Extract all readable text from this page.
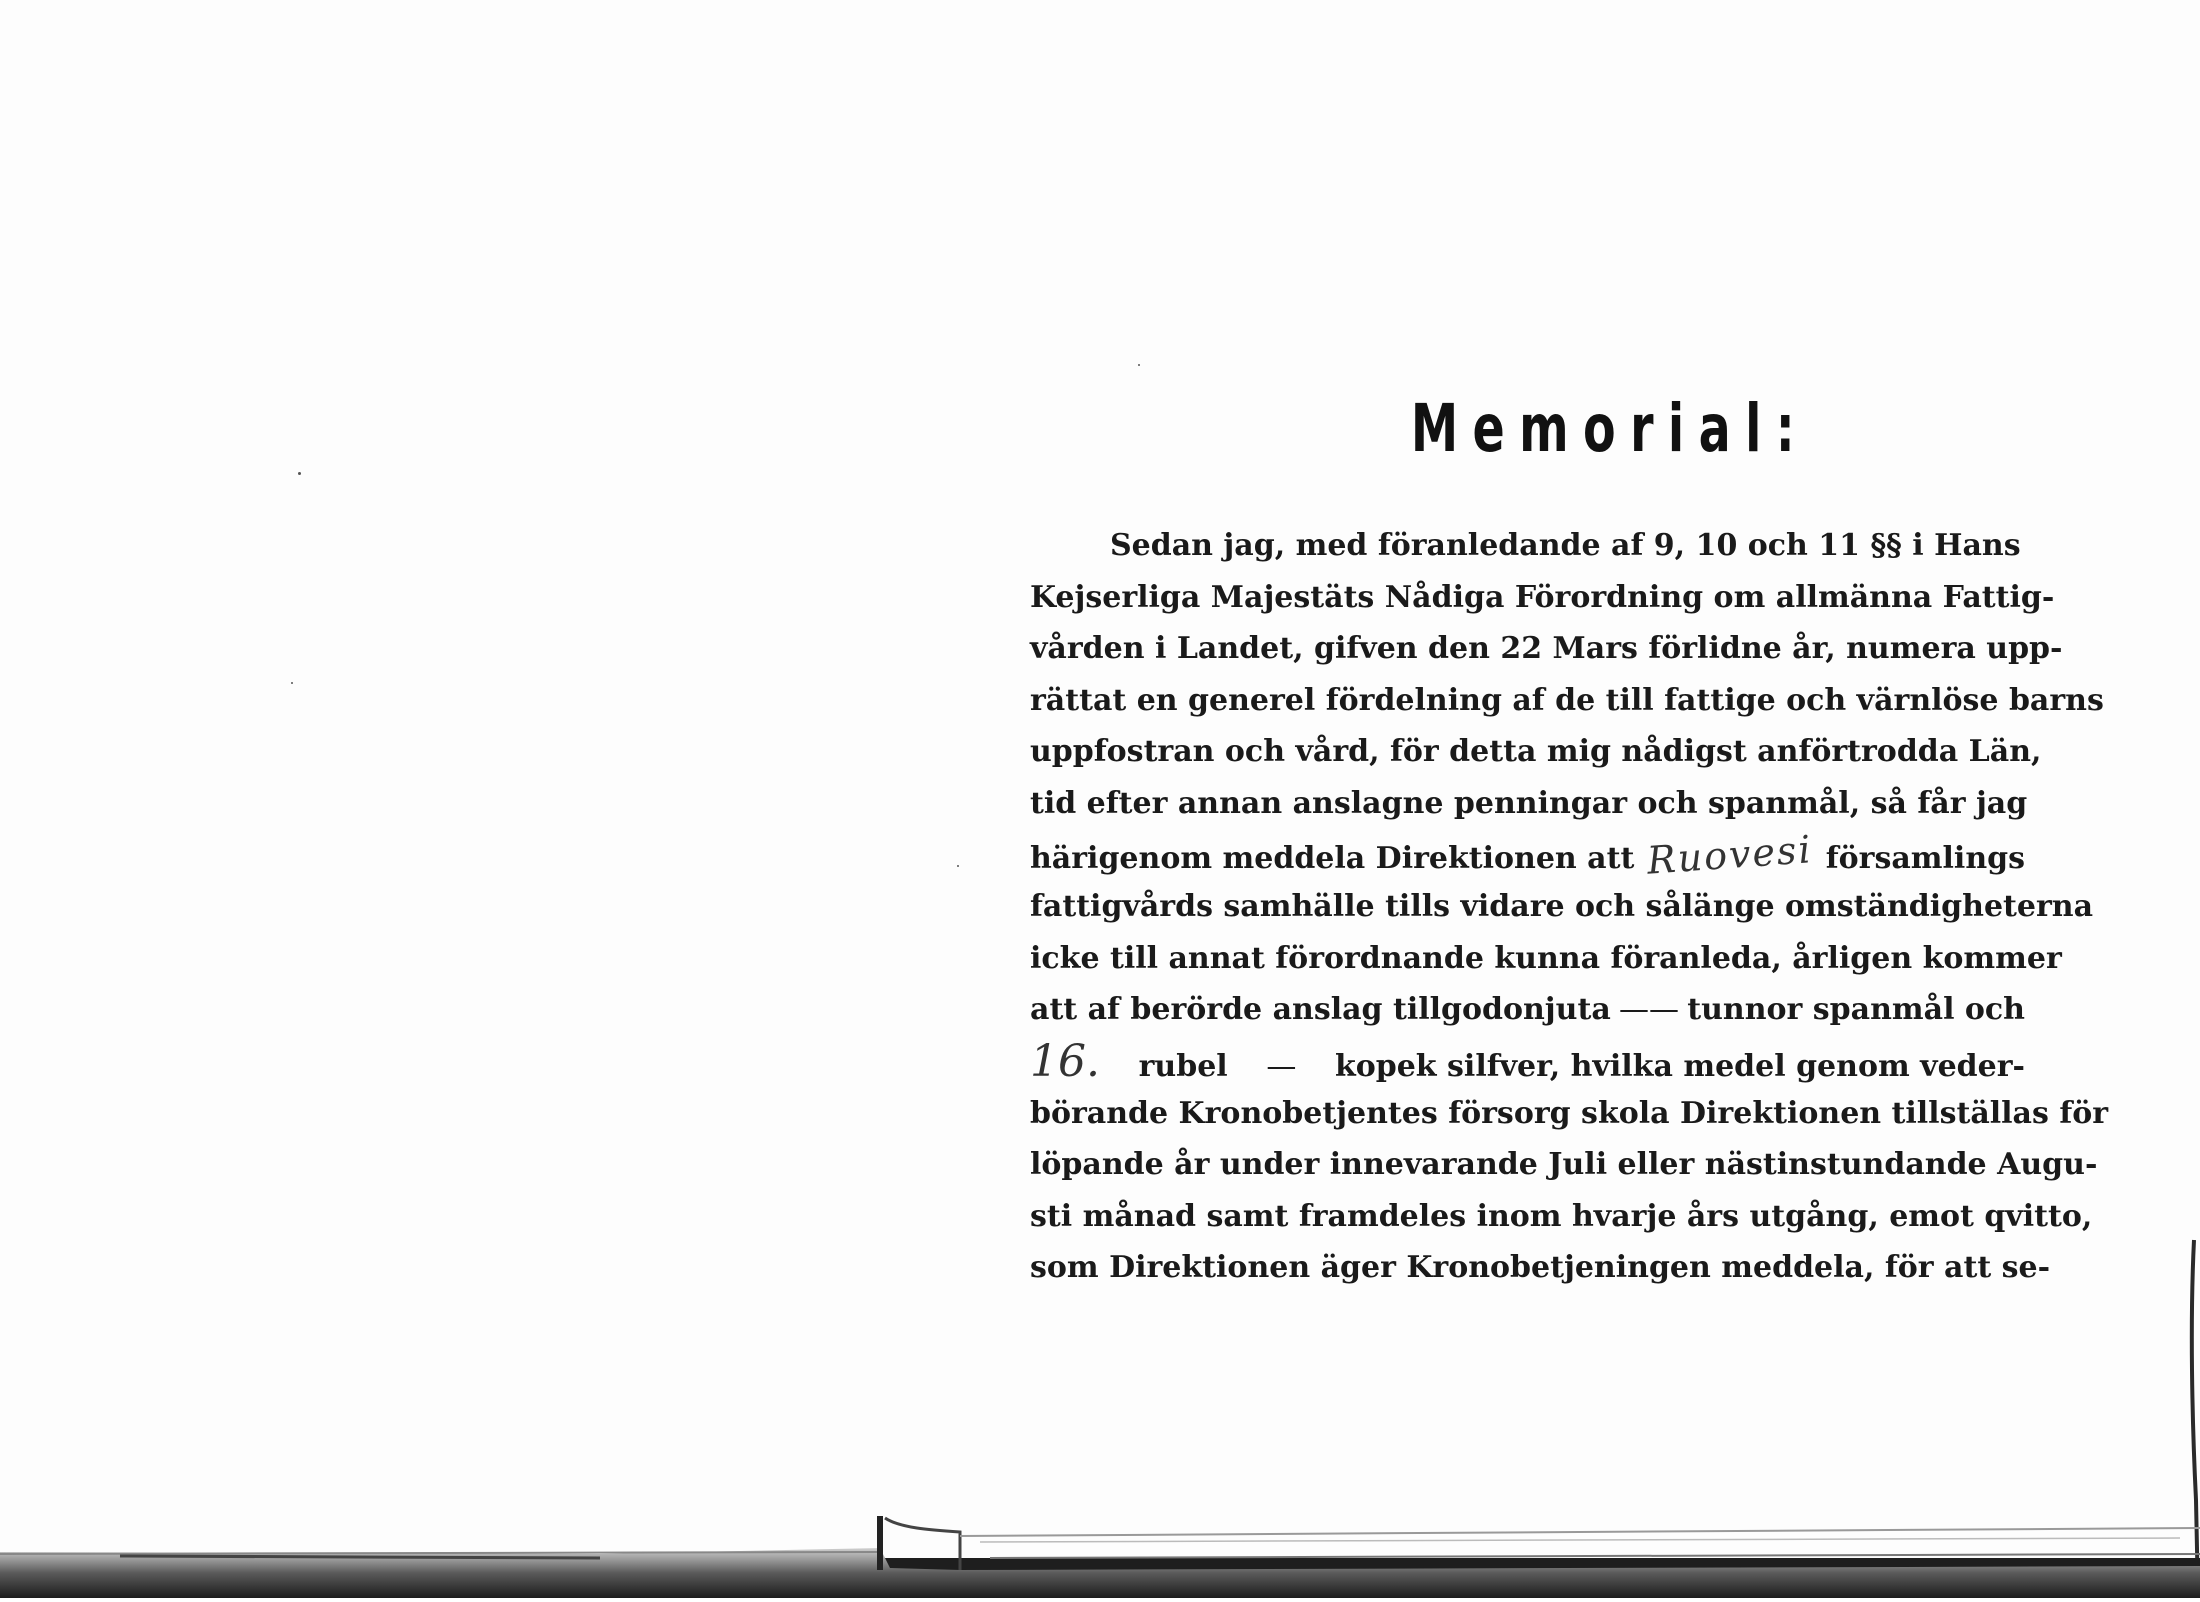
Memorial:
Sedan jag, med föranledande af 9, 10 och 11 §§ i Hans
Kejserliga Majestäts Nådiga Förordning om allmänna Fattig-
vården i Landet, gifven den 22 Mars förlidne år, numera upp-
rättat en generel fördelning af de till fattige och värnlöse barns
uppfostran och vård, för detta mig nådigst anförtrodda Län,
tid efter annan anslagne penningar och spanmål, så får jag
härigenom meddela Direktionen att Ruovesi församlings
fattigvårds samhälle tills vidare och sålänge omständigheterna
icke till annat förordnande kunna föranleda, årligen kommer
att af berörde anslag tillgodonjuta —— tunnor spanmål och
16. rubel — kopek silfver, hvilka medel genom veder-
börande Kronobetjentes försorg skola Direktionen tillställas för
löpande år under innevarande Juli eller nästinstundande Augu-
sti månad samt framdeles inom hvarje års utgång, emot qvitto,
som Direktionen äger Kronobetjeningen meddela, för att se-
